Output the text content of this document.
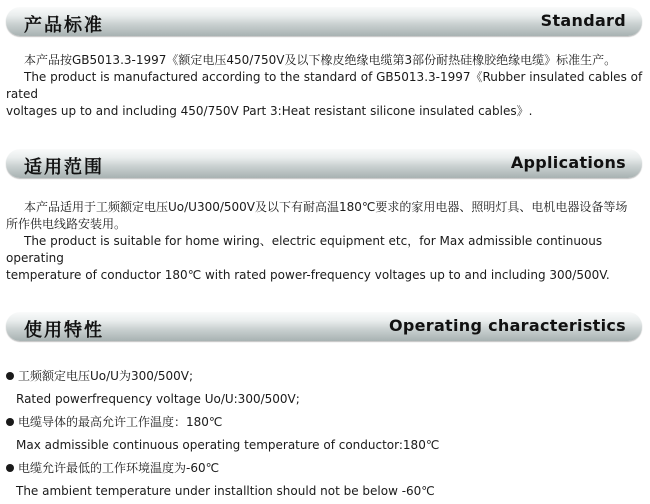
产品标准	Standard
本产品按GB5013.3-1997《额定电压450/750V及以下橡皮绝缘电缆第3部份耐热硅橡胶绝缘电缆》标准生产。
The product is manufactured according to the standard of GB5013.3-1997《Rubber insulated cables of rated
voltages up to and including 450/750V Part 3:Heat resistant silicone insulated cables》.
适用范围	Applications
本产品适用于工频额定电压Uo/U300/500V及以下有耐高温180℃要求的家用电器、照明灯具、电机电器设备等场
所作供电线路安装用。
The product is suitable for home wiring、electric equipment etc，for Max admissible continuous operating
temperature of conductor 180℃ with rated power-frequency voltages up to and including 300/500V.
使用特性	Operating characteristics
工频额定电压Uo/U为300/500V;
Rated powerfrequency voltage Uo/U:300/500V;
电缆导体的最高允许工作温度：180℃
Max admissible continuous operating temperature of conductor:180℃
电缆允许最低的工作环境温度为-60℃
The ambient temperature under installtion should not be below -60℃
